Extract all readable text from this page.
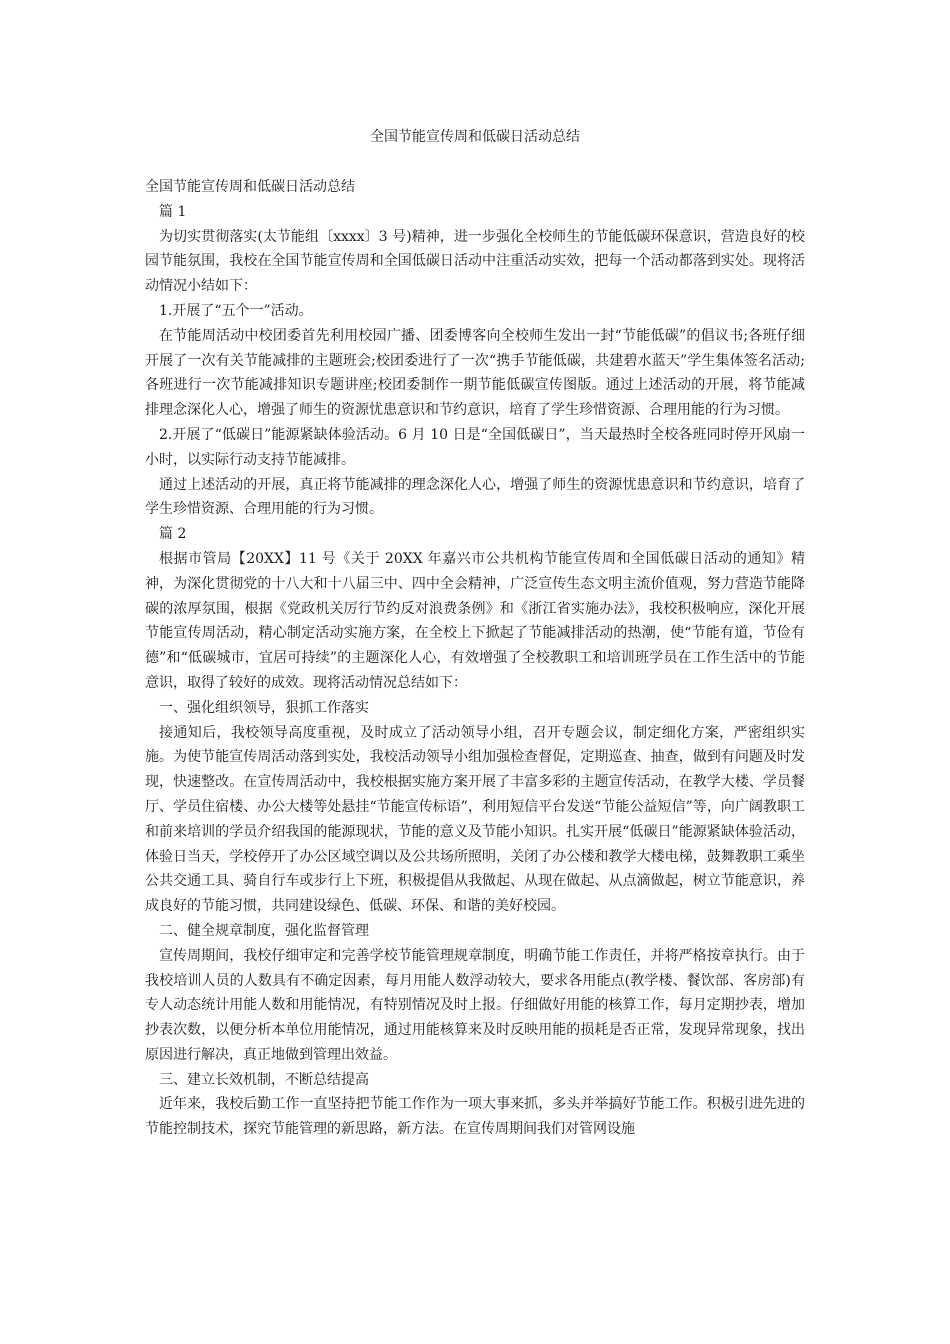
全国节能宣传周和低碳日活动总结

全国节能宣传周和低碳日活动总结

篇 1

为切实贯彻落实(太节能组〔xxxx〕3 号)精神，进一步强化全校师生的节能低碳环保意识，营造良好的校园节能氛围，我校在全国节能宣传周和全国低碳日活动中注重活动实效，把每一个活动都落到实处。现将活动情况小结如下：

1.开展了“五个一”活动。

在节能周活动中校团委首先利用校园广播、团委博客向全校师生发出一封“节能低碳”的倡议书;各班仔细开展了一次有关节能减排的主题班会;校团委进行了一次“携手节能低碳，共建碧水蓝天”学生集体签名活动;各班进行一次节能减排知识专题讲座;校团委制作一期节能低碳宣传图版。通过上述活动的开展，将节能减排理念深化人心，增强了师生的资源忧患意识和节约意识，培育了学生珍惜资源、合理用能的行为习惯。

2.开展了“低碳日”能源紧缺体验活动。6 月 10 日是“全国低碳日”，当天最热时全校各班同时停开风扇一小时，以实际行动支持节能减排。

通过上述活动的开展，真正将节能减排的理念深化人心，增强了师生的资源忧患意识和节约意识，培育了学生珍惜资源、合理用能的行为习惯。

篇 2

根据市管局【20XX】11 号《关于 20XX 年嘉兴市公共机构节能宣传周和全国低碳日活动的通知》精神，为深化贯彻党的十八大和十八届三中、四中全会精神，广泛宣传生态文明主流价值观，努力营造节能降碳的浓厚氛围，根据《党政机关厉行节约反对浪费条例》和《浙江省实施办法》，我校积极响应，深化开展节能宣传周活动，精心制定活动实施方案，在全校上下掀起了节能减排活动的热潮，使“节能有道，节俭有德”和“低碳城市，宜居可持续”的主题深化人心，有效增强了全校教职工和培训班学员在工作生活中的节能意识，取得了较好的成效。现将活动情况总结如下：

一、强化组织领导，狠抓工作落实

接通知后，我校领导高度重视，及时成立了活动领导小组，召开专题会议，制定细化方案，严密组织实施。为使节能宣传周活动落到实处，我校活动领导小组加强检查督促，定期巡查、抽查，做到有问题及时发现，快速整改。在宣传周活动中，我校根据实施方案开展了丰富多彩的主题宣传活动，在教学大楼、学员餐厅、学员住宿楼、办公大楼等处悬挂“节能宣传标语”，利用短信平台发送“节能公益短信”等，向广阔教职工和前来培训的学员介绍我国的能源现状，节能的意义及节能小知识。扎实开展“低碳日”能源紧缺体验活动，体验日当天，学校停开了办公区域空调以及公共场所照明，关闭了办公楼和教学大楼电梯，鼓舞教职工乘坐公共交通工具、骑自行车或步行上下班，积极提倡从我做起、从现在做起、从点滴做起，树立节能意识，养成良好的节能习惯，共同建设绿色、低碳、环保、和谐的美好校园。

二、健全规章制度，强化监督管理

宣传周期间，我校仔细审定和完善学校节能管理规章制度，明确节能工作责任，并将严格按章执行。由于我校培训人员的人数具有不确定因素，每月用能人数浮动较大，要求各用能点(教学楼、餐饮部、客房部)有专人动态统计用能人数和用能情况，有特别情况及时上报。仔细做好用能的核算工作，每月定期抄表，增加抄表次数，以便分析本单位用能情况，通过用能核算来及时反映用能的损耗是否正常，发现异常现象，找出原因进行解决，真正地做到管理出效益。

三、建立长效机制，不断总结提高

近年来，我校后勤工作一直坚持把节能工作作为一项大事来抓，多头并举搞好节能工作。积极引进先进的节能控制技术，探究节能管理的新思路，新方法。在宣传周期间我们对管网设施
